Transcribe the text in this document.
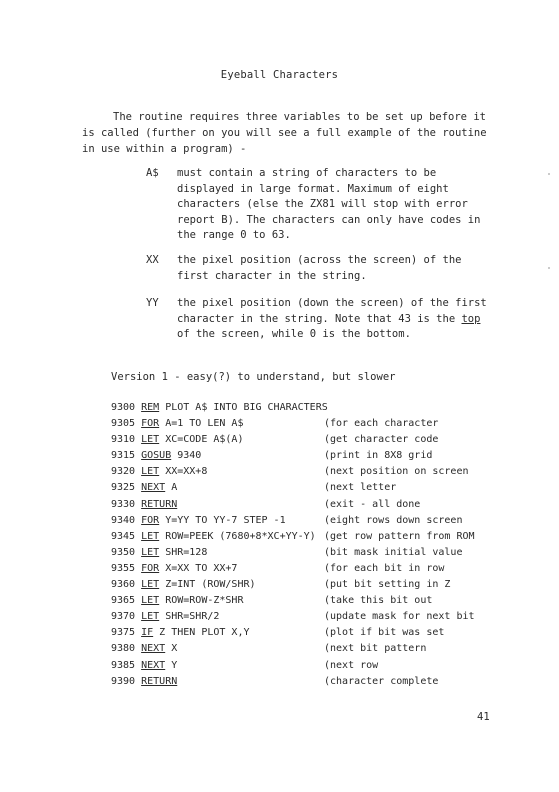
Eyeball Characters
The routine requires three variables to be set up before it
is called (further on you will see a full example of the routine
in use within a program) -
A$ must contain a string of characters to be
displayed in large format. Maximum of eight
characters (else the ZX81 will stop with error
report B). The characters can only have codes in
the range 0 to 63.
XX the pixel position (across the screen) of the
first character in the string.
YY the pixel position (down the screen) of the first
character in the string. Note that 43 is the top
of the screen, while 0 is the bottom.
Version 1 - easy(?) to understand, but slower
9300 REM PLOT A$ INTO BIG CHARACTERS
9305 FOR A=1 TO LEN A$	(for each character
9310 LET XC=CODE A$(A)	(get character code
9315 GOSUB 9340	(print in 8X8 grid
9320 LET XX=XX+8	(next position on screen
9325 NEXT A	(next letter
9330 RETURN	(exit - all done
9340 FOR Y=YY TO YY-7 STEP -1	(eight rows down screen
9345 LET ROW=PEEK (7680+8*XC+YY-Y) (get row pattern from ROM
9350 LET SHR=128	(bit mask initial value
9355 FOR X=XX TO XX+7	(for each bit in row
9360 LET Z=INT (ROW/SHR)	(put bit setting in Z
9365 LET ROW=ROW-Z*SHR	(take this bit out
9370 LET SHR=SHR/2	(update mask for next bit
9375 IF Z THEN PLOT X,Y	(plot if bit was set
9380 NEXT X	(next bit pattern
9385 NEXT Y	(next row
9390 RETURN	(character complete
41
